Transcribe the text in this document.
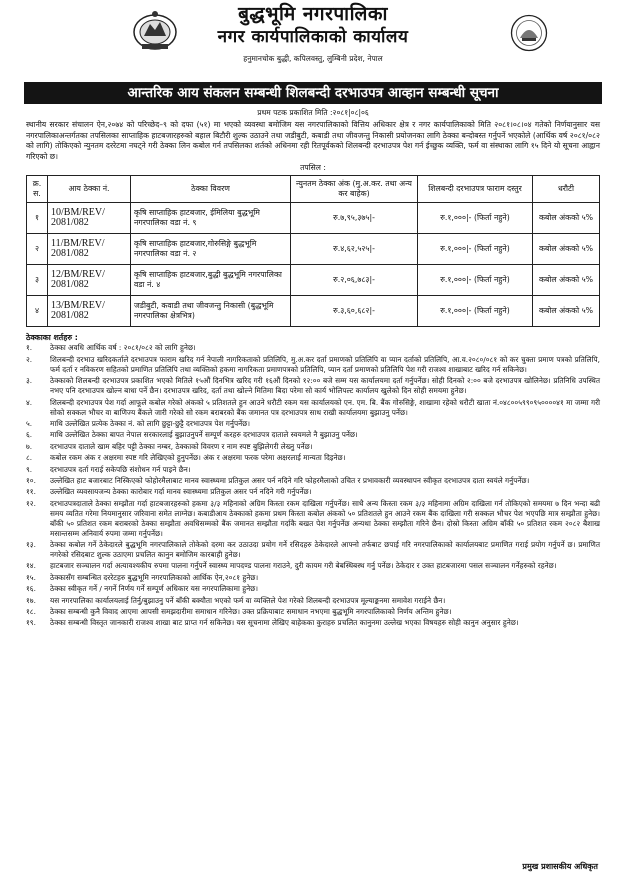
बुद्धभूमि नगरपालिका
नगर कार्यपालिकाको कार्यालय
हनुमानचोक बुद्धी, कपिलवस्तु, लुम्बिनी प्रदेश, नेपाल
आन्तरिक आय संकलन सम्बन्धी शिलबन्दी दरभाउपत्र आव्हान सम्बन्धी सूचना
प्रथम पटक प्रकाशित मिति :२०८१|०८|०६
स्थानीय सरकार संचालन ऐन,२०७४ को परिच्छेद–९ को दफा (५१) मा भएको व्यवस्था बमोजिम यस नगरपालिकाको वित्तिय अधिकार क्षेत्र र नगर कार्यपालिकाको मिति २०८१।०८।०४ गतेको निर्णयानुसार यस नगरपालिकाअन्तर्गतका तपसिलका साप्ताहिक हाटबजारहरुको बहाल बिटौरी शुल्क उठाउने तथा जडीबुटी, कबाडी तथा जीवजन्तु निकासी प्रयोजनका लागि ठेक्का बन्दोबस्त गर्नुपर्ने भएकोले (आर्थिक वर्ष २०८१/०८२ को लागि) तोकिएको न्युनतम दररेटमा नघट्ने गरी ठेक्का लिन कबोल गर्न तपसिलका शर्तको अधिनमा रही रितपूर्वकको शिलबन्दी दरभाउपत्र पेश गर्न ईच्छुक व्यक्ति, फर्म वा संस्थाका लागि १५ दिने यो सूचना आह्वान गरिएको छ।
तपसिल :
क्र. स.	आय ठेक्का नं.	ठेक्का विवरण	न्युनतम ठेक्का अंक (मु.अ.कर. तथा अन्य कर बाहेक)	शिलबन्दी दरभाउपत्र फाराम दस्तुर	धरौटी
१	10/BM/REV/ 2081/082	कृषि साप्ताहिक हाटबजार, ईमिलिया बुद्धभूमि नगरपालिका वडा नं. ९	रु.७,९५,३७५|-	रु.१,०००|- (फिर्ता नहुने)	कबोल अंकको ५%
२	11/BM/REV/ 2081/082	कृषि साप्ताहिक हाटबजार,गोरुसिङ्गे बुद्धभूमि नगरपालिका वडा नं. २	रु.४,६२,५२५|-	रु.१,०००|- (फिर्ता नहुने)	कबोल अंकको ५%
३	12/BM/REV/ 2081/082	कृषि साप्ताहिक हाटबजार,बुद्धी बुद्धभूमि नगरपालिका वडा नं. ४	रु.२,०६,७८३|-	रु.१,०००|- (फिर्ता नहुने)	कबोल अंकको ५%
४	13/BM/REV/ 2081/082	जडीबुटी, कवाडी तथा जीवजन्तु निकासी (बुद्धभूमि नगरपालिका क्षेत्रभित्र)	रु.३,६०,६८२|-	रु.१,०००|- (फिर्ता नहुने)	कबोल अंकको ५%
ठेक्काका शर्तहरु :
१.	ठेक्का अवधि आर्थिक वर्ष : २०८१/०८२ को लागि हुनेछ।
२.	शिलबन्दी दरभाउ खरिदकर्ताले दरभाउपत्र फाराम खरिद गर्न नेपाली नागरिकताको प्रतिलिपि, मु.अ.कर दर्ता प्रमाणको प्रतिलिपि वा प्यान दर्ताको प्रतिलिपि, आ.व.२०८०/०८१ को कर चुक्ता प्रमाण पत्रको प्रतिलिपि, फर्म दर्ता र नविकरण सहितको प्रमाणित प्रतिलिपि तथा व्यक्तिको हकमा नागरिकता प्रमाणपत्रको प्रतिलिपि, प्यान दर्ता प्रमाणको प्रतिलिपि पेश गरी राजश्व शाखाबाट खरिद गर्न सकिनेछ।
३.	ठेक्काको शिलबन्दी दरभाउपत्र प्रकाशित भएको मितिले १५औं दिनभित्र खरिद गरी १६औं दिनको १२:०० बजे सम्म यस कार्यालयमा दर्ता गर्नुपर्नेछ। सोही दिनको २:०० बजे दरभाउपत्र खोलिनेछ। प्रतिनिधि उपस्थित नभए पनि दरभाउपत्र खोल्न बाधा पर्ने छैन। दरभाउपत्र खरिद, दर्ता तथा खोल्ने मितिमा बिदा परेमा सो कार्य भोलिपल्ट कार्यालय खुलेको दिन सोही समयमा हुनेछ।
४.	शिलबन्दी दरभाउपत्र पेश गर्दा आफूले कबोल गरेको अंकको ५ प्रतिशतले हुन आउने धरौटी रकम यस कार्यालयको एन. एम. बि. बैंक गोरुसिङ्गे, शाखामा रहेको धरौटी खाता नं.०४८००५९९०९५००००४१ मा जम्मा गरी सोको सक्कल भौचर वा बाणिज्य बैंकले जारी गरेको सो रकम बराबरको बैंक जमानत पत्र दरभाउपत्र साथ राखी कार्यालयमा बुझाउनु पर्नेछ।
५.	माथि उल्लेखित प्रत्येक ठेक्का नं. को लागि छुट्टा-छुट्टै दरभाउपत्र पेश गर्नुपर्नेछ।
६.	माथि उल्लेखित ठेक्का बापत नेपाल सरकारलाई बुझाउनुपर्ने सम्पूर्ण करहरु दरभाउपत्र दाताले स्वयमले नै बुझाउनु पर्नेछ।
७.	दरभाउपत्र दाताले खाम बहिर पट्टी ठेक्का नम्बर, ठेक्काको विवरण र नाम स्पष्ट बुझिलेगरी लेख्नु पर्नेछ।
८.	कबोल रकम अंक र अक्षरमा स्पष्ट गरि लेखिएको हुनुपर्नेछ। अंक र अक्षरमा फरक परेमा अक्षरलाई मान्यता दिइनेछ।
९.	दरभाउपत्र दर्ता गराई सकेपछि संशोधन गर्न पाइने छैन।
१०.	उल्लेखित हाट बजारबाट निस्किएको फोहोरमैलाबाट मानव स्वास्थ्यमा प्रतिकुल असर पर्न नदिने गरि फोहरमैलाको उचित र प्रभावकारी व्यवस्थापन स्वीकृत दरभाउपत्र दाता स्वयंले गर्नुपर्नेछ।
११.	उल्लेखित व्यवसायजन्य ठेक्का कारोबार गर्दा मानव स्वास्थ्यमा प्रतिकुल असर पर्न नदिने गरी गर्नुपर्नेछ।
१२.	दरभाउपत्रदाताले ठेक्का सम्झौता गर्दा हाटबजारहरुको हकमा ३/३ महिनाको अग्रिम किस्ता रकम दाखिला गर्नुपर्नेछ। साथै अन्य किस्ता रकम ३/३ महिनामा अग्रिम दाखिला गर्न तोकिएको समयमा ७ दिन भन्दा बढी समय व्यतित गरेमा नियमानुसार जरिवाना समेत लाग्नेछ। कबाडीआय ठेक्काको हकमा प्रथम किस्ता कबोल अंकको ५० प्रतिशतले हुन आउने रकम बैंक दाखिला गरी सक्कल भौचर पेश भएपछि मात्र सम्झौता हुनेछ। बाँकी ५० प्रतिशत रकम बराबरको ठेक्का सम्झौता अवधिसम्मको बैंक जमानत सम्झौता गर्दाकै बखत पेश गर्नुपर्नेछ अन्यथा ठेक्का सम्झौता गरिने छैन। दोस्रो किस्ता अग्रिम बाँकी ५० प्रतिशत रकम २०८२ बैशाख मसान्तसम्म अनिवार्य रुपमा जम्मा गर्नुपर्नेछ।
१३.	ठेक्का कबोल गर्ने ठेकेदारले बुद्धभूमि नगरपालिकाले तोकेको दरमा कर उठाउदा प्रयोग गर्ने रसिदहरु ठेकेदारले आफ्नो तर्फबाट छपाई गरि नगरपालिकाको कार्यालयबाट प्रमाणित गराई प्रयोग गर्नुपर्ने छ। प्रमाणित नगरेको रसिदबाट शुल्क उठाएमा प्रचलित कानुन बमोजिम कारबाही हुनेछ।
१४.	हाटबजार सञ्चालन गर्दा अत्यावश्यकीय रुपमा पालना गर्नुपर्ने स्वास्थ्य मापदण्ड पालना गराउने, दुरी कायम गरी बेबस्थिबस्थ गर्नु पर्नेछ। ठेकेदार र उक्त हाटबजारमा पसल सञ्चालन गर्नेहरुको रहनेछ।
१५.	ठेक्कासँग सम्बन्धित दररेटहरु बुद्धभूमि नगरपालिकाको आर्थिक ऐन,२०८१ हुनेछ।
१६.	ठेक्का स्वीकृत गर्ने / नगर्ने निर्णय गर्ने सम्पूर्ण अधिकार यस नगरपालिकामा हुनेछ।
१७.	यस नगरपालिका कार्यालयलाई तिर्नु/बुझाउनु पर्ने बाँकी बक्यौता भएको फर्म वा व्यक्तिले पेश गरेको शिलबन्दी दरभाउपत्र मूल्याङ्कनमा समावेश गराईने छैन।
१८.	ठेक्का सम्बन्धी कुनै विवाद आएमा आपसी समझदारीमा समाधान गरिनेछ। उक्त प्रक्रियाबाट समाधान नभएमा बुद्धभूमि नगरपालिकाको निर्णय अन्तिम हुनेछ।
१९.	ठेक्का सम्बन्धी विस्तृत जानकारी राजश्व शाखा बाट प्राप्त गर्न सकिनेछ। यस सूचनामा लेखिए बाहेकका कुराहरु प्रचलित कानुनमा उल्लेख भएका विषयहरु सोही कानुन अनुसार हुनेछ।
प्रमुख प्रशासकीय अधिकृत
